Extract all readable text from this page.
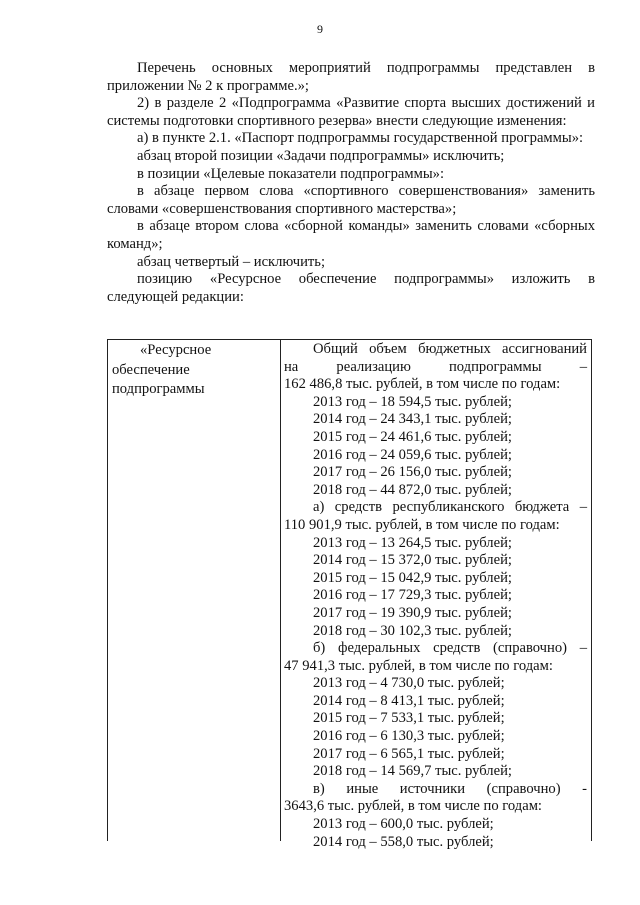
9

Перечень основных мероприятий подпрограммы представлен в приложении № 2 к программе.»;

2) в разделе 2 «Подпрограмма «Развитие спорта высших достижений и системы подготовки спортивного резерва» внести следующие изменения:

а) в пункте 2.1. «Паспорт подпрограммы государственной программы»:

абзац второй позиции «Задачи подпрограммы» исключить;

в позиции «Целевые показатели подпрограммы»:

в абзаце первом слова «спортивного совершенствования» заменить словами «совершенствования спортивного мастерства»;

в абзаце втором слова «сборной команды» заменить словами «сборных команд»;

абзац четвертый – исключить;

позицию «Ресурсное обеспечение подпрограммы» изложить в следующей редакции:

«Ресурсное
обеспечение
подпрограммы
Общий объем бюджетных ассигнований
на реализацию подпрограммы –
162 486,8 тыс. рублей, в том числе по годам:
2013 год – 18 594,5 тыс. рублей;
2014 год – 24 343,1 тыс. рублей;
2015 год – 24 461,6 тыс. рублей;
2016 год – 24 059,6 тыс. рублей;
2017 год – 26 156,0 тыс. рублей;
2018 год – 44 872,0 тыс. рублей;
а) средств республиканского бюджета –
110 901,9 тыс. рублей, в том числе по годам:
2013 год – 13 264,5 тыс. рублей;
2014 год – 15 372,0 тыс. рублей;
2015 год – 15 042,9 тыс. рублей;
2016 год – 17 729,3 тыс. рублей;
2017 год – 19 390,9 тыс. рублей;
2018 год – 30 102,3 тыс. рублей;
б) федеральных средств (справочно) –
47 941,3 тыс. рублей, в том числе по годам:
2013 год – 4 730,0 тыс. рублей;
2014 год – 8 413,1 тыс. рублей;
2015 год – 7 533,1 тыс. рублей;
2016 год – 6 130,3 тыс. рублей;
2017 год – 6 565,1 тыс. рублей;
2018 год – 14 569,7 тыс. рублей;
в) иные источники (справочно) -
3643,6 тыс. рублей, в том числе по годам:
2013 год – 600,0 тыс. рублей;
2014 год – 558,0 тыс. рублей;
